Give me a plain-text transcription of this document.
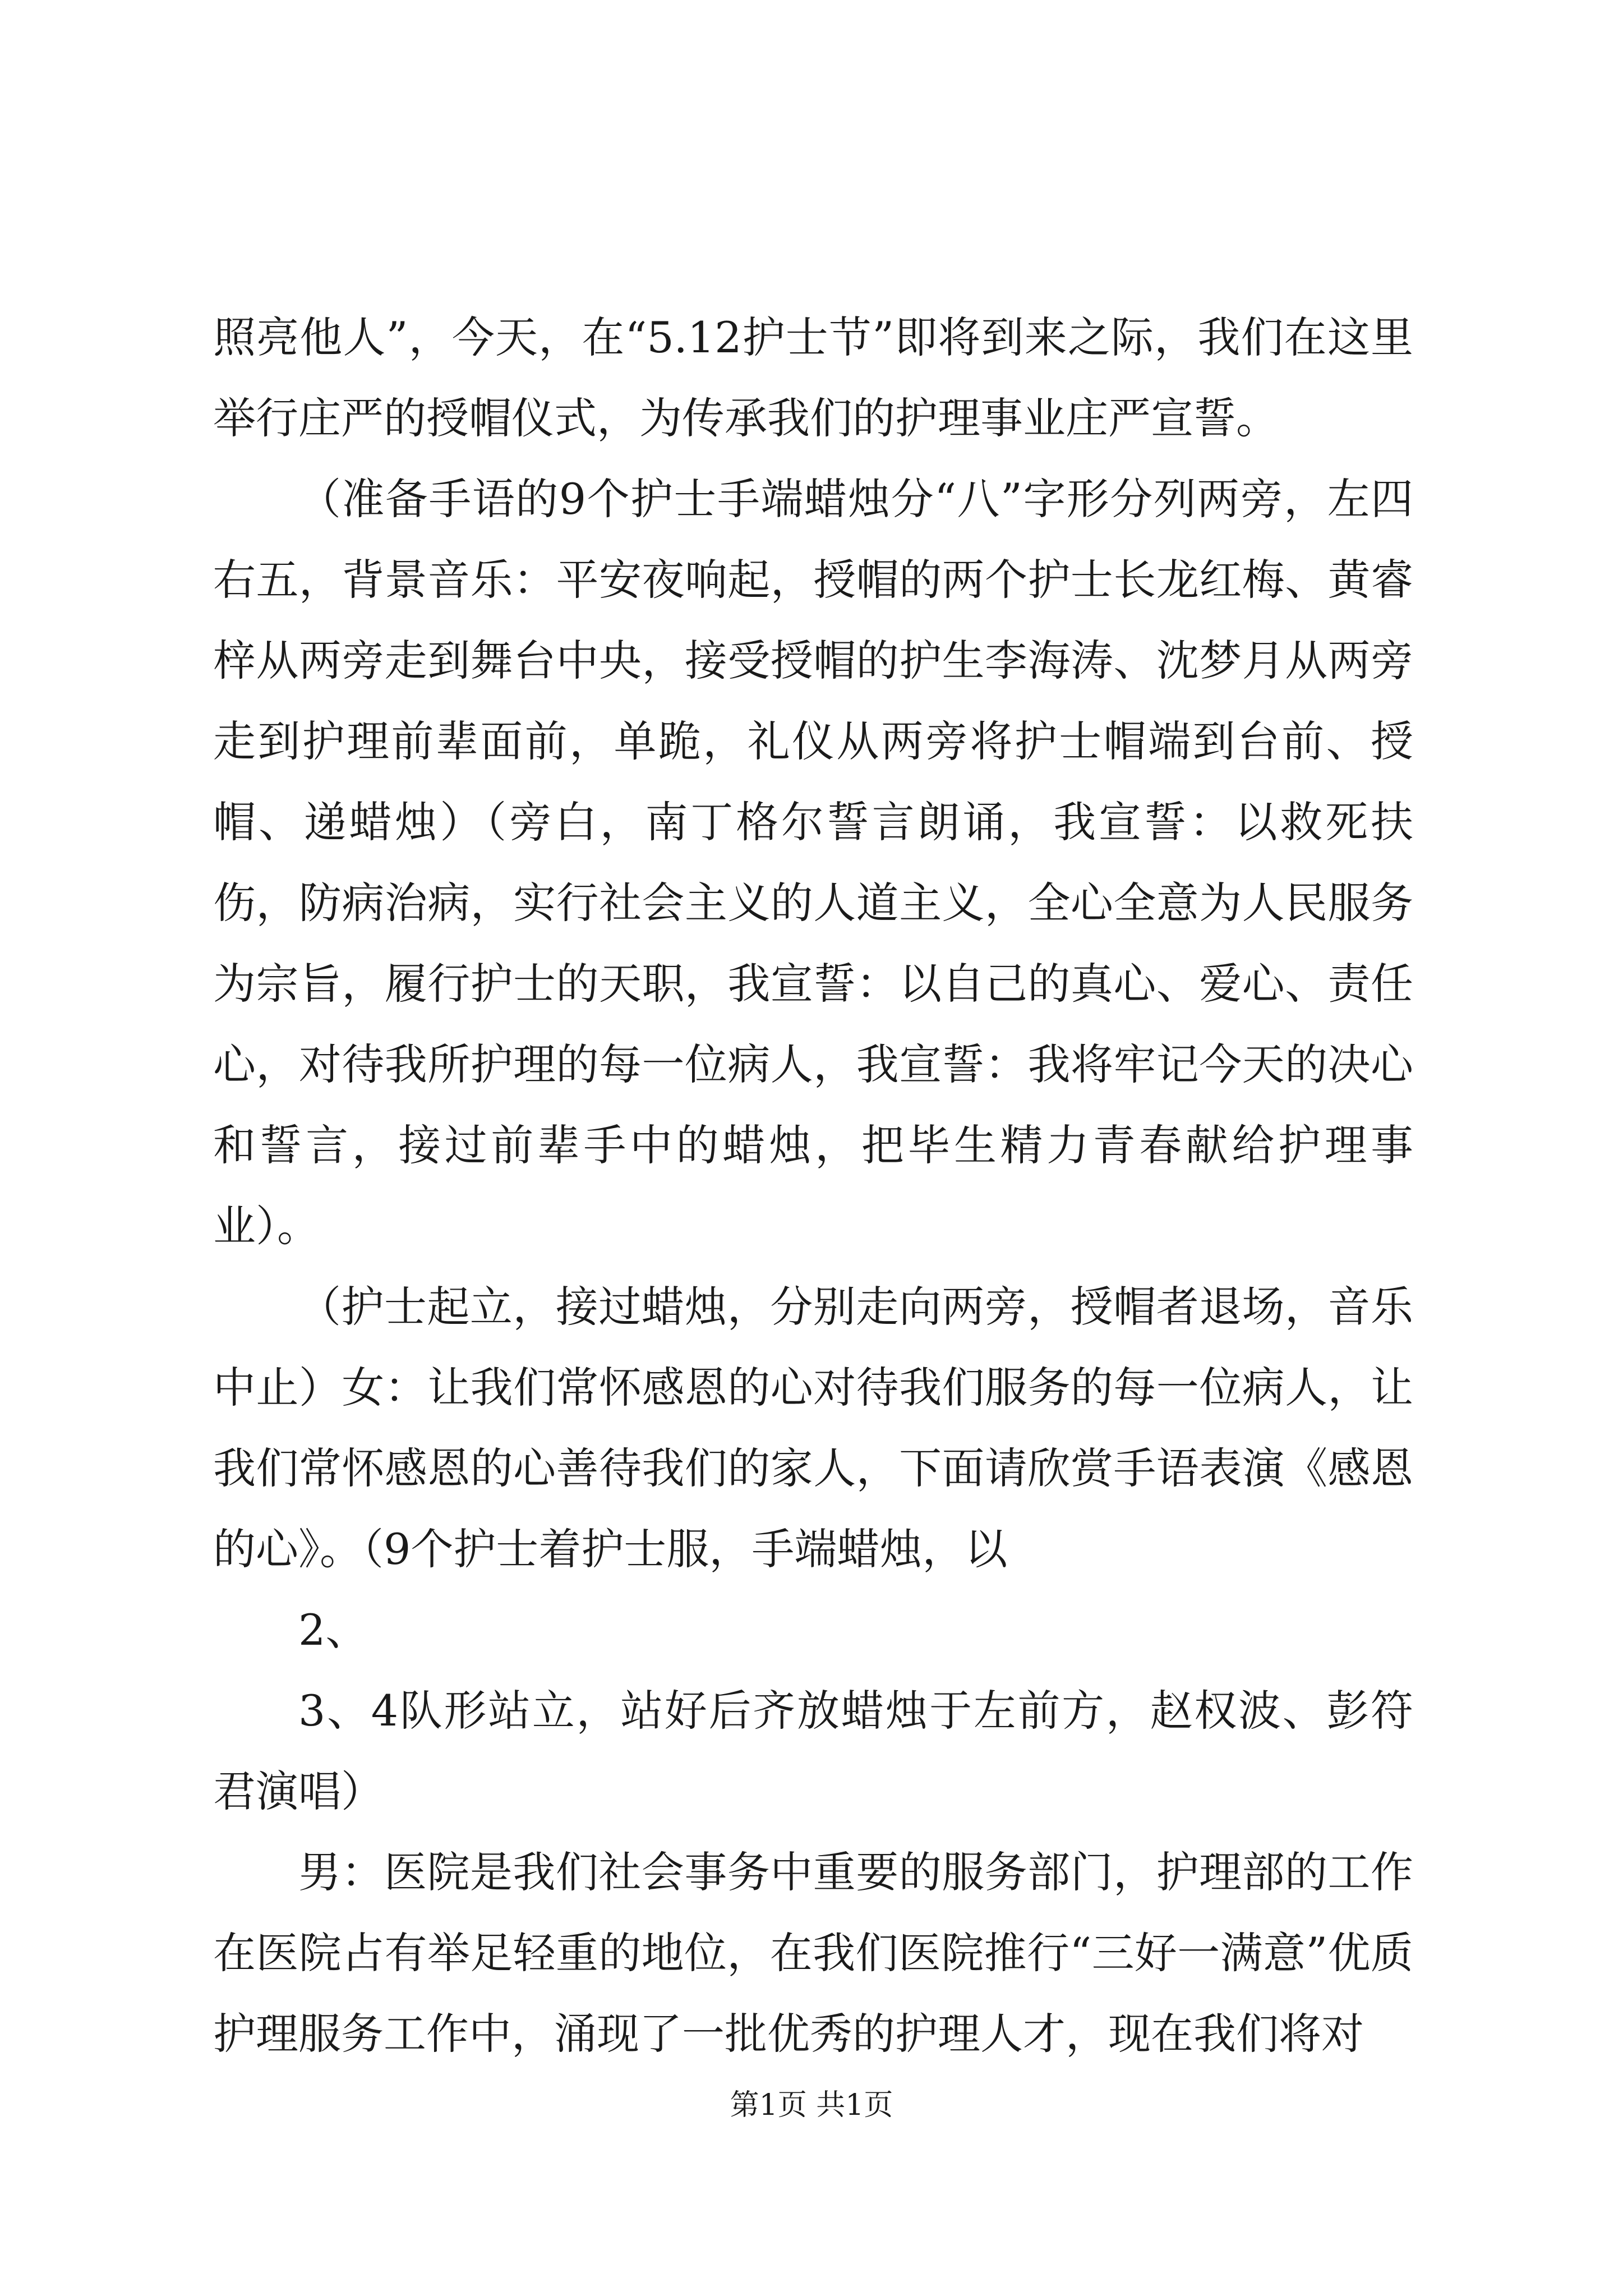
照亮他人”，今天，在“5.12护士节”即将到来之际，我们在这里举行庄严的授帽仪式，为传承我们的护理事业庄严宣誓。

（准备手语的9个护士手端蜡烛分“八”字形分列两旁，左四右五，背景音乐：平安夜响起，授帽的两个护士长龙红梅、黄睿梓从两旁走到舞台中央，接受授帽的护生李海涛、沈梦月从两旁走到护理前辈面前，单跪，礼仪从两旁将护士帽端到台前、授帽、递蜡烛）（旁白，南丁格尔誓言朗诵，我宣誓：以救死扶伤，防病治病，实行社会主义的人道主义，全心全意为人民服务为宗旨，履行护士的天职，我宣誓：以自己的真心、爱心、责任心，对待我所护理的每一位病人，我宣誓：我将牢记今天的决心和誓言，接过前辈手中的蜡烛，把毕生精力青春献给护理事业）。

（护士起立，接过蜡烛，分别走向两旁，授帽者退场，音乐中止）女：让我们常怀感恩的心对待我们服务的每一位病人，让我们常怀感恩的心善待我们的家人，下面请欣赏手语表演《感恩的心》。（9个护士着护士服，手端蜡烛，以

2、

3、4队形站立，站好后齐放蜡烛于左前方，赵权波、彭符君演唱）

男：医院是我们社会事务中重要的服务部门，护理部的工作在医院占有举足轻重的地位，在我们医院推行“三好一满意”优质护理服务工作中，涌现了一批优秀的护理人才，现在我们将对

第1页 共1页
